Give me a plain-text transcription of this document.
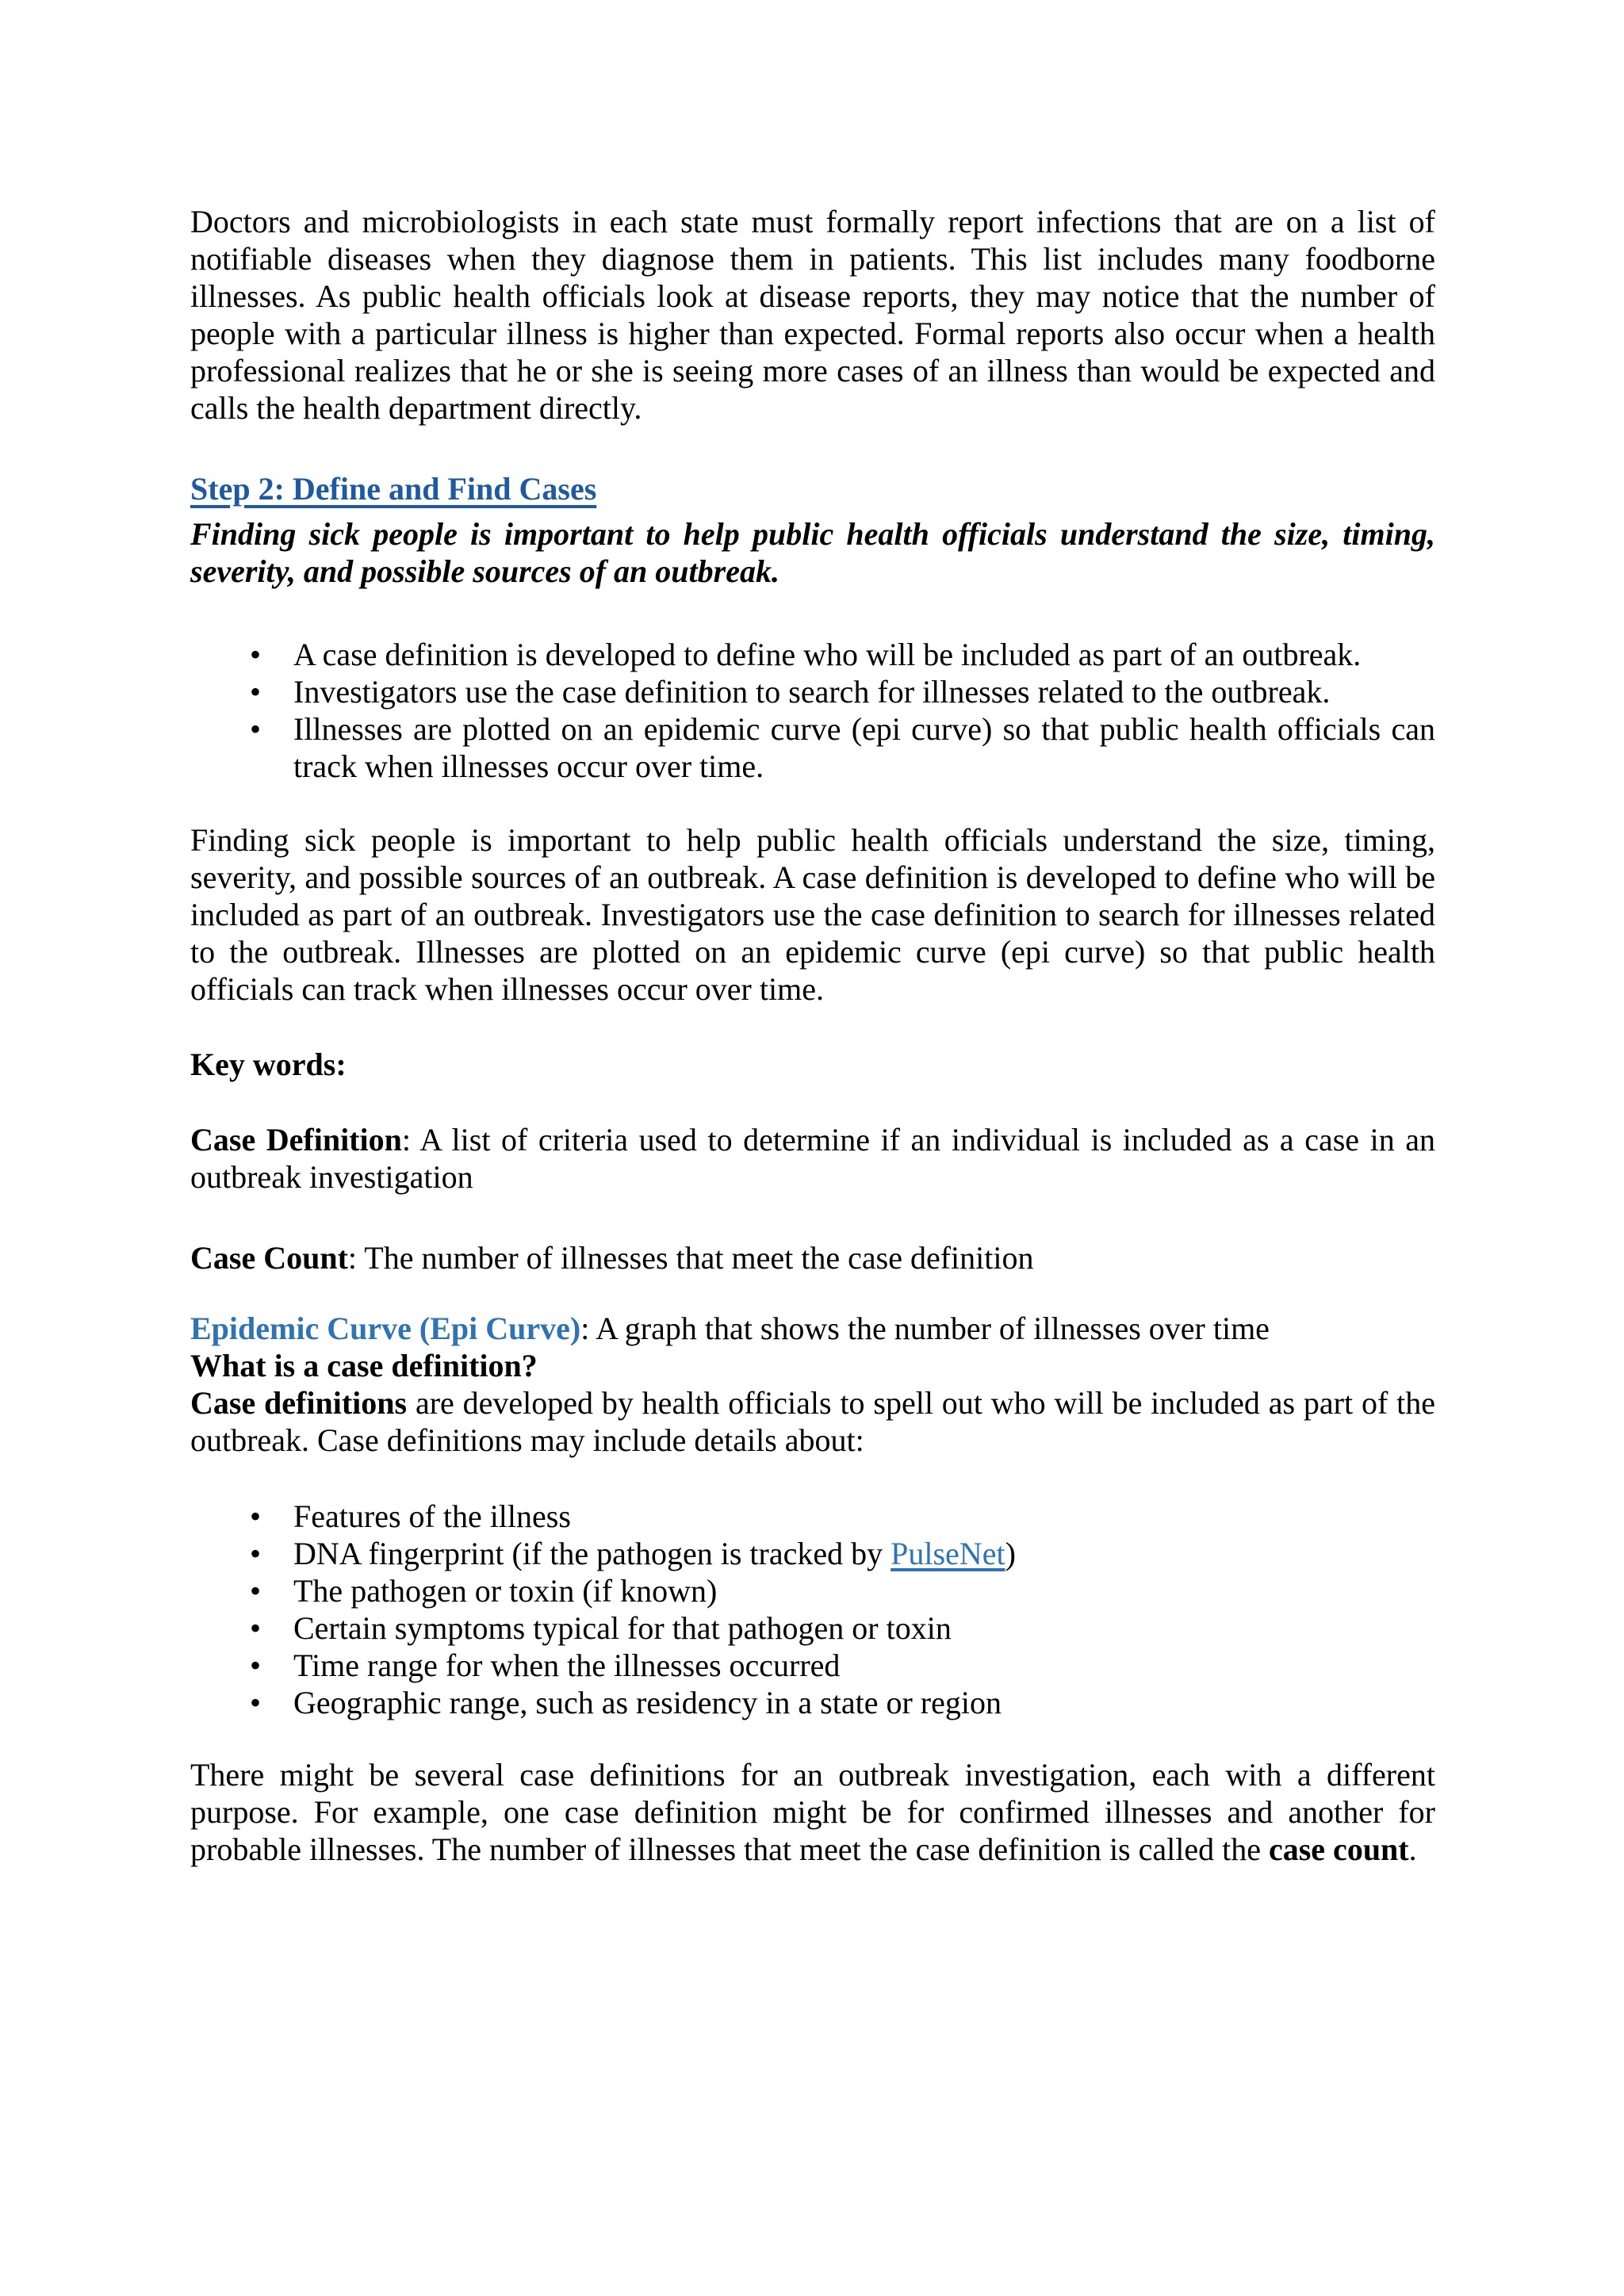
Doctors and microbiologists in each state must formally report infections that are on a list of notifiable diseases when they diagnose them in patients. This list includes many foodborne illnesses. As public health officials look at disease reports, they may notice that the number of people with a particular illness is higher than expected. Formal reports also occur when a health professional realizes that he or she is seeing more cases of an illness than would be expected and calls the health department directly.

Step 2: Define and Find Cases

Finding sick people is important to help public health officials understand the size, timing, severity, and possible sources of an outbreak.

• A case definition is developed to define who will be included as part of an outbreak.
• Investigators use the case definition to search for illnesses related to the outbreak.
• Illnesses are plotted on an epidemic curve (epi curve) so that public health officials can track when illnesses occur over time.

Finding sick people is important to help public health officials understand the size, timing, severity, and possible sources of an outbreak. A case definition is developed to define who will be included as part of an outbreak. Investigators use the case definition to search for illnesses related to the outbreak. Illnesses are plotted on an epidemic curve (epi curve) so that public health officials can track when illnesses occur over time.

Key words:

Case Definition: A list of criteria used to determine if an individual is included as a case in an outbreak investigation

Case Count: The number of illnesses that meet the case definition

Epidemic Curve (Epi Curve): A graph that shows the number of illnesses over time

What is a case definition?

Case definitions are developed by health officials to spell out who will be included as part of the outbreak. Case definitions may include details about:

• Features of the illness
• DNA fingerprint (if the pathogen is tracked by PulseNet)
• The pathogen or toxin (if known)
• Certain symptoms typical for that pathogen or toxin
• Time range for when the illnesses occurred
• Geographic range, such as residency in a state or region

There might be several case definitions for an outbreak investigation, each with a different purpose. For example, one case definition might be for confirmed illnesses and another for probable illnesses. The number of illnesses that meet the case definition is called the case count.
